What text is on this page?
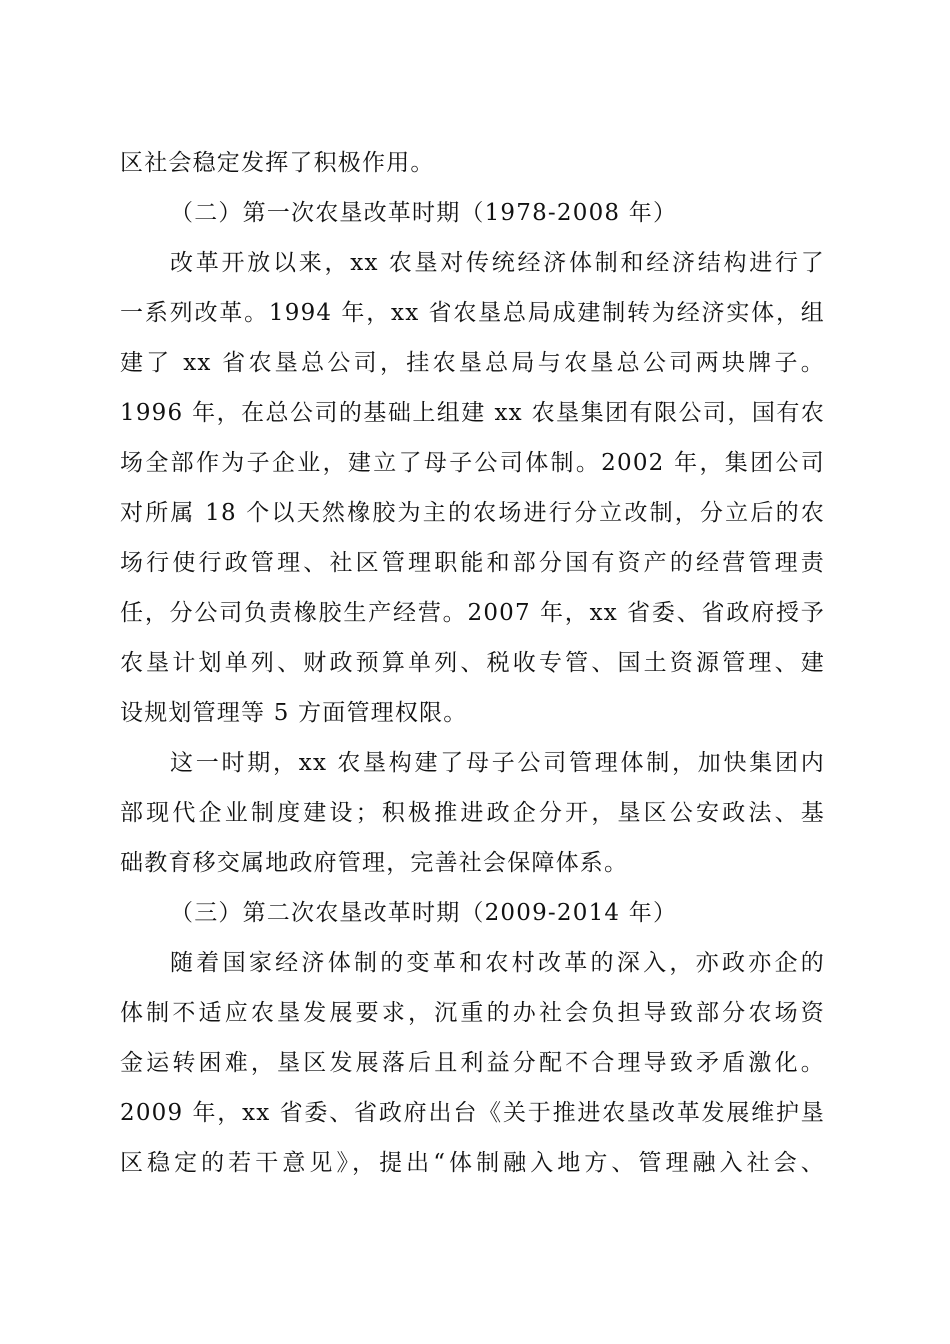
区社会稳定发挥了积极作用。
（二）第一次农垦改革时期（1978-2008 年）
改革开放以来，xx 农垦对传统经济体制和经济结构进行了
一系列改革。1994 年，xx 省农垦总局成建制转为经济实体，组
建了 xx 省农垦总公司，挂农垦总局与农垦总公司两块牌子。
1996 年，在总公司的基础上组建 xx 农垦集团有限公司，国有农
场全部作为子企业，建立了母子公司体制。2002 年，集团公司
对所属 18 个以天然橡胶为主的农场进行分立改制，分立后的农
场行使行政管理、社区管理职能和部分国有资产的经营管理责
任，分公司负责橡胶生产经营。2007 年，xx 省委、省政府授予
农垦计划单列、财政预算单列、税收专管、国土资源管理、建
设规划管理等 5 方面管理权限。
这一时期，xx 农垦构建了母子公司管理体制，加快集团内
部现代企业制度建设；积极推进政企分开，垦区公安政法、基
础教育移交属地政府管理，完善社会保障体系。
（三）第二次农垦改革时期（2009-2014 年）
随着国家经济体制的变革和农村改革的深入，亦政亦企的
体制不适应农垦发展要求，沉重的办社会负担导致部分农场资
金运转困难，垦区发展落后且利益分配不合理导致矛盾激化。
2009 年，xx 省委、省政府出台《关于推进农垦改革发展维护垦
区稳定的若干意见》，提出“体制融入地方、管理融入社会、
